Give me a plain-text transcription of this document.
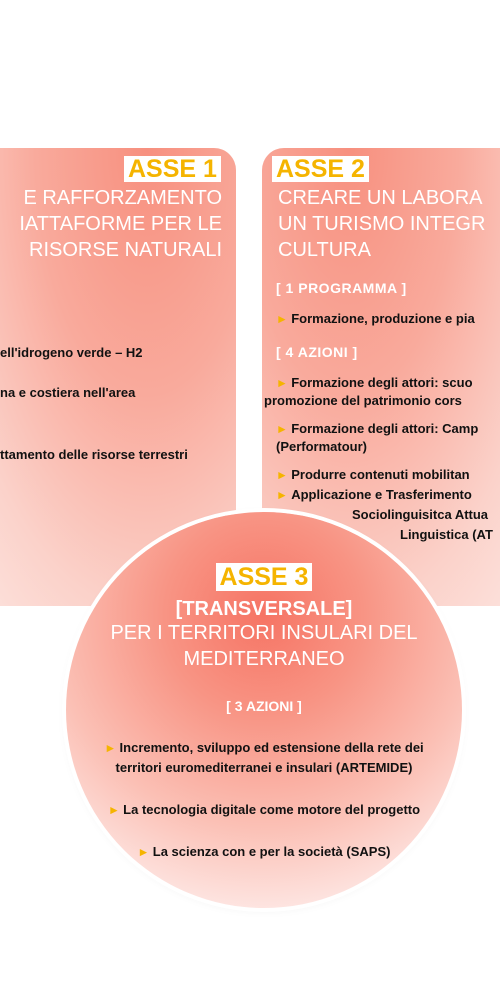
ASSE 1
E RAFFORZAMENTO
IATTAFORME PER LE
RISORSE NATURALI
ell'idrogeno verde – H2
na e costiera nell'area
ttamento delle risorse terrestri
ASSE 2
CREARE UN LABORA
UN TURISMO INTEGR
CULTURA
[ 1 PROGRAMMA ]
► Formazione, produzione e pia
[ 4 AZIONI ]
► Formazione degli attori: scuo
promozione del patrimonio cors
► Formazione degli attori: Camp
(Performatour)
► Produrre contenuti mobilitan
► Applicazione e Trasferimento
Sociolinguisitca Attua
Linguistica (AT
ASSE 3
[TRANSVERSALE]
PER I TERRITORI INSULARI DEL
MEDITERRANEO
[ 3 AZIONI ]
► Incremento, sviluppo ed estensione della rete dei
territori euromediterranei e insulari (ARTEMIDE)
► La tecnologia digitale come motore del progetto
► La scienza con e per la società (SAPS)
